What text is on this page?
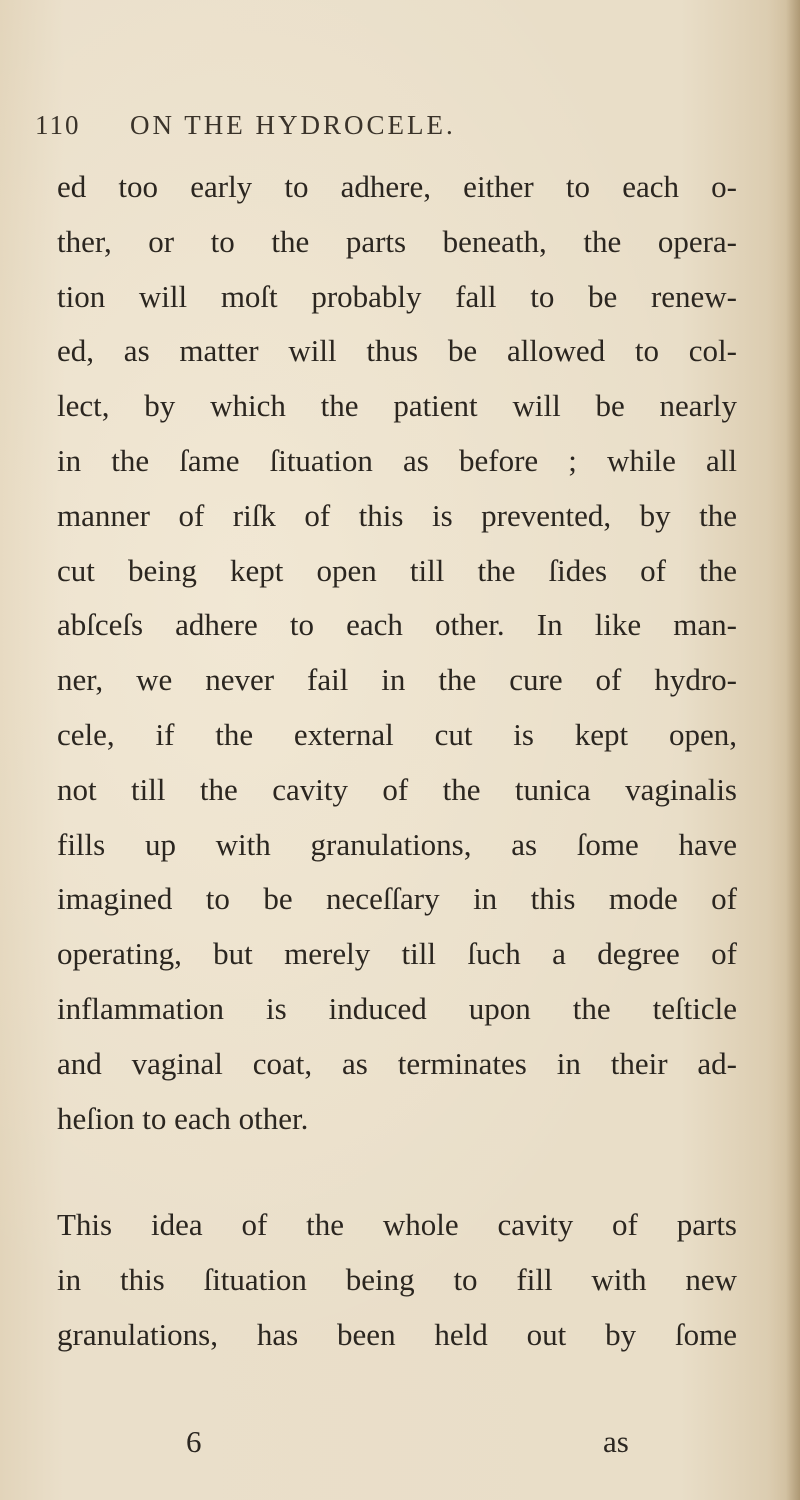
110 ON THE HYDROCELE.
ed too early to adhere, either to each o-
ther, or to the parts beneath, the opera-
tion will moſt probably fall to be renew-
ed, as matter will thus be allowed to col-
lect, by which the patient will be nearly
in the ſame ſituation as before ; while all
manner of riſk of this is prevented, by the
cut being kept open till the ſides of the
abſceſs adhere to each other. In like man-
ner, we never fail in the cure of hydro-
cele, if the external cut is kept open,
not till the cavity of the tunica vaginalis
fills up with granulations, as ſome have
imagined to be neceſſary in this mode of
operating, but merely till ſuch a degree of
inflammation is induced upon the teſticle
and vaginal coat, as terminates in their ad-
heſion to each other.
This idea of the whole cavity of parts
in this ſituation being to fill with new
granulations, has been held out by ſome
6	as
